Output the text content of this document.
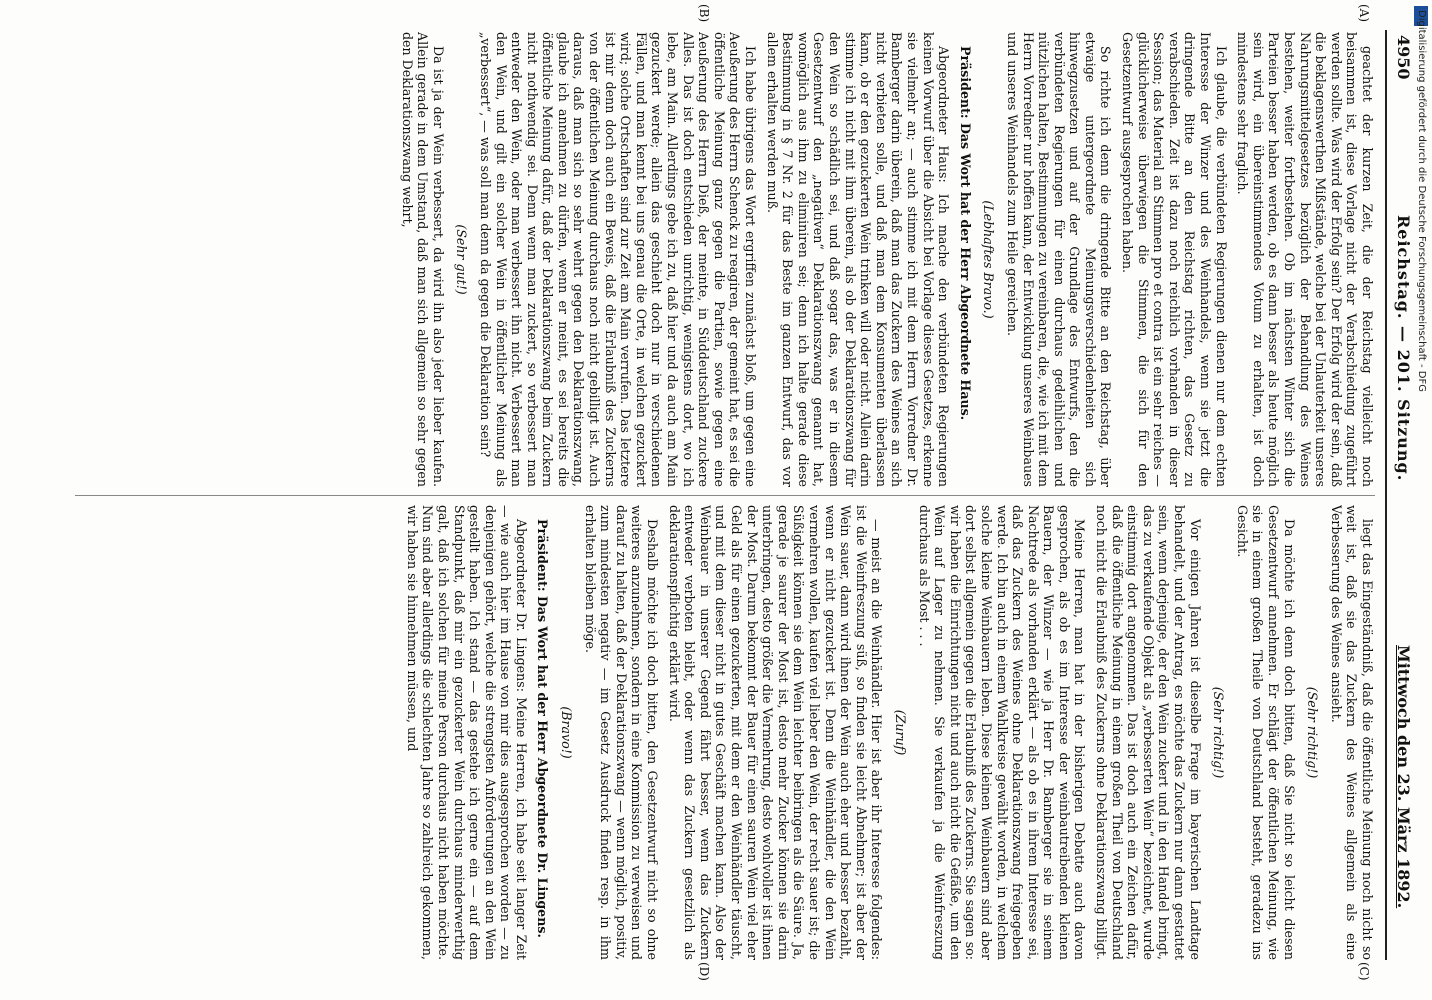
4950
Reichstag. — 201. Sitzung.
Mittwoch den 23. März 1892.
(A)
(B)
(C)
(D)

geachtet der kurzen Zeit, die der Reichstag vielleicht noch beisammen ist, diese Vorlage nicht der Verabschiedung zugeführt werden sollte. Was wird der Erfolg sein? Der Erfolg wird der sein, daß die beklagenswerthen Mißstände, welche bei der Unlauterkeit unseres Nahrungsmittelgesetzes bezüglich der Behandlung des Weines bestehen, weiter fortbestehen. Ob im nächsten Winter sich die Parteien besser haben werden, ob es dann besser als heute möglich sein wird, ein übereinstimmendes Votum zu erhalten, ist doch mindestens sehr fraglich.

Ich glaube, die verbündeten Regierungen dienen nur dem echten Interesse der Winzer und des Weinhandels, wenn sie jetzt die dringende Bitte an den Reichstag richten, das Gesetz zu verabschieden. Zeit ist dazu noch reichlich vorhanden in dieser Session; das Material an Stimmen pro et contra ist ein sehr reiches — glücklicherweise überwiegen die Stimmen, die sich für den Gesetzentwurf ausgesprochen haben.

So richte ich denn die dringende Bitte an den Reichstag, über etwaige untergeordnete Meinungsverschiedenheiten sich hinwegzusetzen und auf der Grundlage des Entwurfs, den die verbündeten Regierungen für einen durchaus gedeihlichen und nützlichen halten, Bestimmungen zu vereinbaren, die, wie ich mit dem Herrn Vorredner nur hoffen kann, der Entwicklung unseres Weinbaues und unseres Weinhandels zum Heile gereichen.

(Lebhaftes Bravo.)

Präsident: Das Wort hat der Herr Abgeordnete Haus.

Abgeordneter Haus: Ich mache den verbündeten Regierungen keinen Vorwurf über die Absicht bei Vorlage dieses Gesetzes, erkenne sie vielmehr an; — auch stimme ich mit dem Herrn Vorredner Dr. Bamberger darin überein, daß man das Zuckern des Weines an sich nicht verbieten solle, und daß man dem Konsumenten überlassen kann, ob er den gezuckerten Wein trinken will oder nicht. Allein darin stimme ich nicht mit ihm überein, als ob der Deklarationszwang für den Wein so schädlich sei, und daß sogar das, was er in diesem Gesetzentwurf den „negativen“ Deklarationszwang genannt hat, womöglich aus ihm zu eliminiren sei; denn ich halte gerade diese Bestimmung in § 7 Nr. 2 für das Beste im ganzen Entwurf, das vor allem erhalten werden muß.

Ich habe übrigens das Wort ergriffen zunächst bloß, um gegen eine Aeußerung des Herrn Schenck zu reagiren, der gemeint hat, es sei die öffentliche Meinung ganz gegen die Partien, sowie gegen eine Aeußerung des Herrn Dieß, der meinte, in Süddeutschland zuckere Alles. Das ist doch entschieden unrichtig, wenigstens dort, wo ich lebe, am Main. Allerdings gebe ich zu, daß hier und da auch am Main gezuckert werde; allein das geschieht doch nur in verschiedenen Fällen, und man kennt bei uns genau die Orte, in welchen gezuckert wird; solche Ortschaften sind zur Zeit am Main verrufen. Das letztere ist mir denn doch auch ein Beweis, daß die Erlaubniß des Zuckerns von der öffentlichen Meinung durchaus noch nicht gebilligt ist. Auch daraus, daß man sich so sehr wehrt gegen den Deklarationszwang, glaube ich annehmen zu dürfen, wenn er meint, es sei bereits die öffentliche Meinung dafür, daß der Deklarationszwang beim Zuckern nicht nothwendig sei. Denn wenn man zuckert, so verbessert man entweder den Wein, oder man verbessert ihn nicht. Verbessert man den Wein, und gilt ein solcher Wein in öffentlicher Meinung als „verbessert“, — was soll man denn da gegen die Deklaration sein?

(Sehr gut!)

Da ist ja der Wein verbessert, da wird ihn also jeder lieber kaufen. Allein gerade in dem Umstand, daß man sich allgemein so sehr gegen den Deklarationszwang wehrt,

liegt das Eingeständniß, daß die öffentliche Meinung noch nicht so weit ist, daß sie das Zuckern des Weines allgemein als eine Verbesserung des Weines ansieht.

(Sehr richtig!)

Da möchte ich denn doch bitten, daß Sie nicht so leicht diesen Gesetzentwurf annehmen. Er schlägt der öffentlichen Meinung, wie sie in einem großen Theile von Deutschland besteht, geradezu ins Gesicht.

(Sehr richtig!)

Vor einigen Jahren ist dieselbe Frage im bayerischen Landtage behandelt, und der Antrag, es möchte das Zuckern nur dann gestattet sein, wenn derjenige, der den Wein zuckert und in den Handel bringt, das zu verkaufende Objekt als „verbesserten Wein“ bezeichnet, wurde einstimmig dort angenommen. Das ist doch auch ein Zeichen dafür, daß die öffentliche Meinung in einem großen Theil von Deutschland noch nicht die Erlaubniß des Zuckerns ohne Deklarationszwang billigt.

Meine Herren, man hat in der bisherigen Debatte auch davon gesprochen, als ob es im Interesse der weinbautreibenden kleinen Bauern, der Winzer — wie ja Herr Dr. Bamberger sie in seinem Nachtrede als vorhanden erklärt — als ob es in ihrem Interesse sei, daß das Zuckern des Weines ohne Deklarationszwang freigegeben werde. Ich bin auch in einem Wahlkreise gewählt worden, in welchem solche kleine Weinbauern leben. Diese kleinen Weinbauern sind aber dort selbst allgemein gegen die Erlaubniß des Zuckerns. Sie sagen so: wir haben die Einrichtungen nicht und auch nicht die Gefäße, um den Wein auf Lager zu nehmen. Sie verkaufen ja die Weinfreszung durchaus als Most . . .

(Zuruf)

— meist an die Weinhändler. Hier ist aber ihr Interesse folgendes: ist die Weinfreszung süß, so finden sie leicht Abnehmer; ist aber der Wein sauer, dann wird ihnen der Wein auch eher und besser bezahlt, wenn er nicht gezuckert ist. Denn die Weinhändler, die den Wein vermehren wollen, kaufen viel lieber den Wein, der recht sauer ist; die Süßigkeit können sie dem Wein leichter beibringen als die Säure. Ja, gerade je saurer der Most ist, desto mehr Zucker können sie darin unterbringen, desto größer die Vermehrung, desto wohlvoller ist ihnen der Most. Darum bekommt der Bauer für einen sauren Wein viel eher Geld als für einen gezuckerten, mit dem er den Weinhändler täuscht, und mit dem dieser nicht in gutes Geschäft machen kann. Also der Weinbauer in unserer Gegend fährt besser, wenn das Zuckern entweder verboten bleibt, oder wenn das Zuckern gesetzlich als deklarationspflichtig erklärt wird.

Deshalb möchte ich doch bitten, den Gesetzentwurf nicht so ohne weiteres anzunehmen, sondern in eine Kommission zu verweisen und darauf zu halten, daß der Deklarationszwang — wenn möglich, positiv, zum mindesten negativ — im Gesetz Ausdruck finden resp. in ihm erhalten bleiben möge.

(Bravo!)

Präsident: Das Wort hat der Herr Abgeordnete Dr. Lingens.

Abgeordneter Dr. Lingens: Meine Herren, ich habe seit langer Zeit — wie auch hier im Hause von mir dies ausgesprochen worden — zu denjenigen gehört, welche die strengsten Anforderungen an den Wein gestellt haben. Ich stand — das gestehe ich gerne ein — auf dem Standpunkt, daß mir ein gezuckerter Wein durchaus minderwerthig galt, daß ich solchen für meine Person durchaus nicht haben möchte. Nun sind aber allerdings die schlechten Jahre so zahlreich gekommen, wir haben sie hinnehmen müssen, und

Digitalisierung gefördert durch die Deutsche Forschungsgemeinschaft - DFG
